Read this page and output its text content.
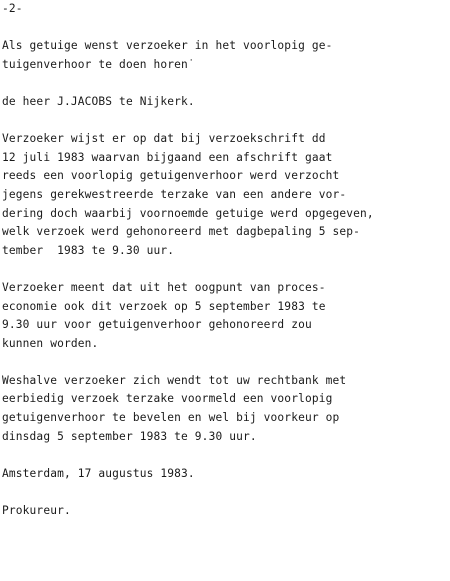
-2-
Als getuige wenst verzoeker in het voorlopig ge-
tuigenverhoor te doen horen˙
de heer J.JACOBS te Nijkerk.
Verzoeker wijst er op dat bij verzoekschrift dd
12 juli 1983 waarvan bijgaand een afschrift gaat
reeds een voorlopig getuigenverhoor werd verzocht
jegens gerekwestreerde terzake van een andere vor-
dering doch waarbij voornoemde getuige werd opgegeven,
welk verzoek werd gehonoreerd met dagbepaling 5 sep-
tember  1983 te 9.30 uur.
Verzoeker meent dat uit het oogpunt van proces-
economie ook dit verzoek op 5 september 1983 te
9.30 uur voor getuigenverhoor gehonoreerd zou
kunnen worden.
Weshalve verzoeker zich wendt tot uw rechtbank met
eerbiedig verzoek terzake voormeld een voorlopig
getuigenverhoor te bevelen en wel bij voorkeur op
dinsdag 5 september 1983 te 9.30 uur.
Amsterdam, 17 augustus 1983.
Prokureur.
